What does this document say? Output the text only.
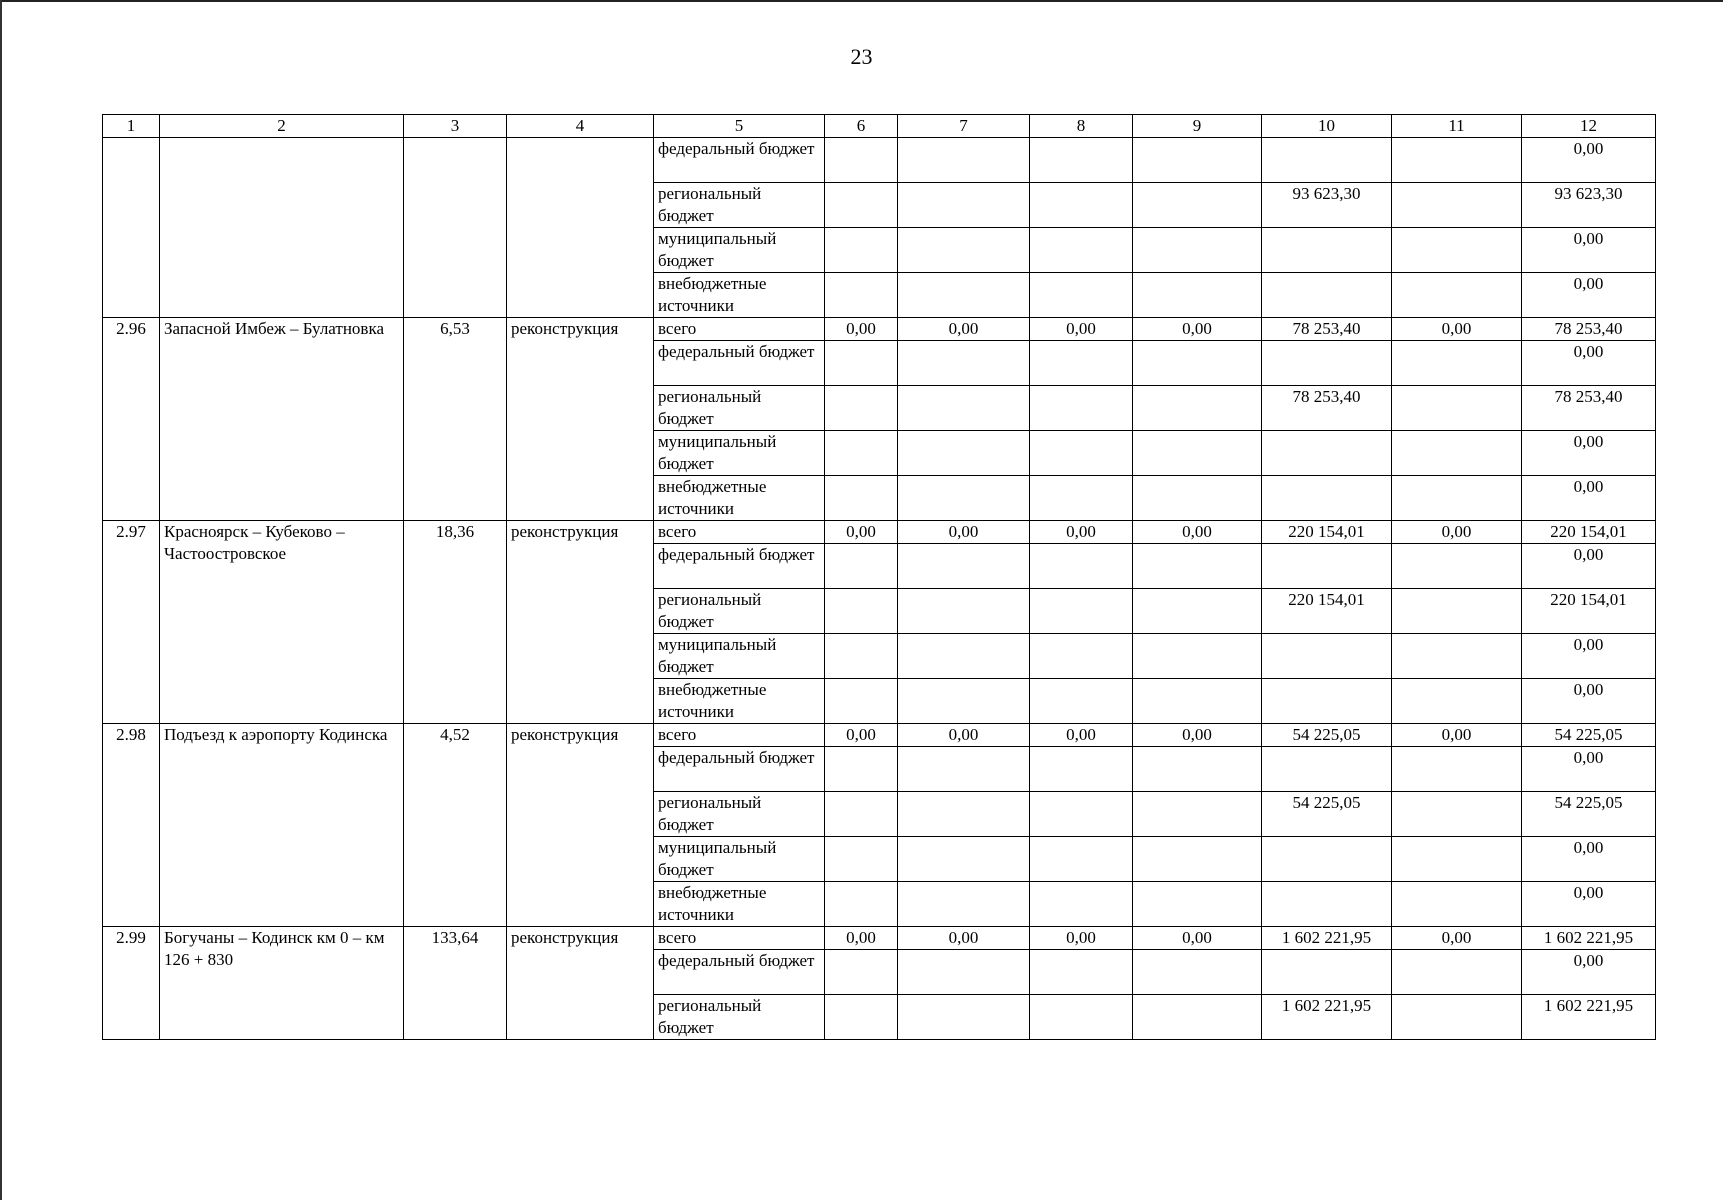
23
1	2	3	4	5	6	7	8	9	10	11	12
				федеральный бюджет							0,00
				региональный бюджет					93 623,30		93 623,30
				муниципальный бюджет							0,00
				внебюджетные источники							0,00
2.96	Запасной Имбеж – Булатновка	6,53	реконструкция	всего	0,00	0,00	0,00	0,00	78 253,40	0,00	78 253,40
				федеральный бюджет							0,00
				региональный бюджет					78 253,40		78 253,40
				муниципальный бюджет							0,00
				внебюджетные источники							0,00
2.97	Красноярск – Кубеково – Частоостровское	18,36	реконструкция	всего	0,00	0,00	0,00	0,00	220 154,01	0,00	220 154,01
				федеральный бюджет							0,00
				региональный бюджет					220 154,01		220 154,01
				муниципальный бюджет							0,00
				внебюджетные источники							0,00
2.98	Подъезд к аэропорту Кодинска	4,52	реконструкция	всего	0,00	0,00	0,00	0,00	54 225,05	0,00	54 225,05
				федеральный бюджет							0,00
				региональный бюджет					54 225,05		54 225,05
				муниципальный бюджет							0,00
				внебюджетные источники							0,00
2.99	Богучаны – Кодинск км 0 – км 126 + 830	133,64	реконструкция	всего	0,00	0,00	0,00	0,00	1 602 221,95	0,00	1 602 221,95
				федеральный бюджет							0,00
				региональный бюджет					1 602 221,95		1 602 221,95
